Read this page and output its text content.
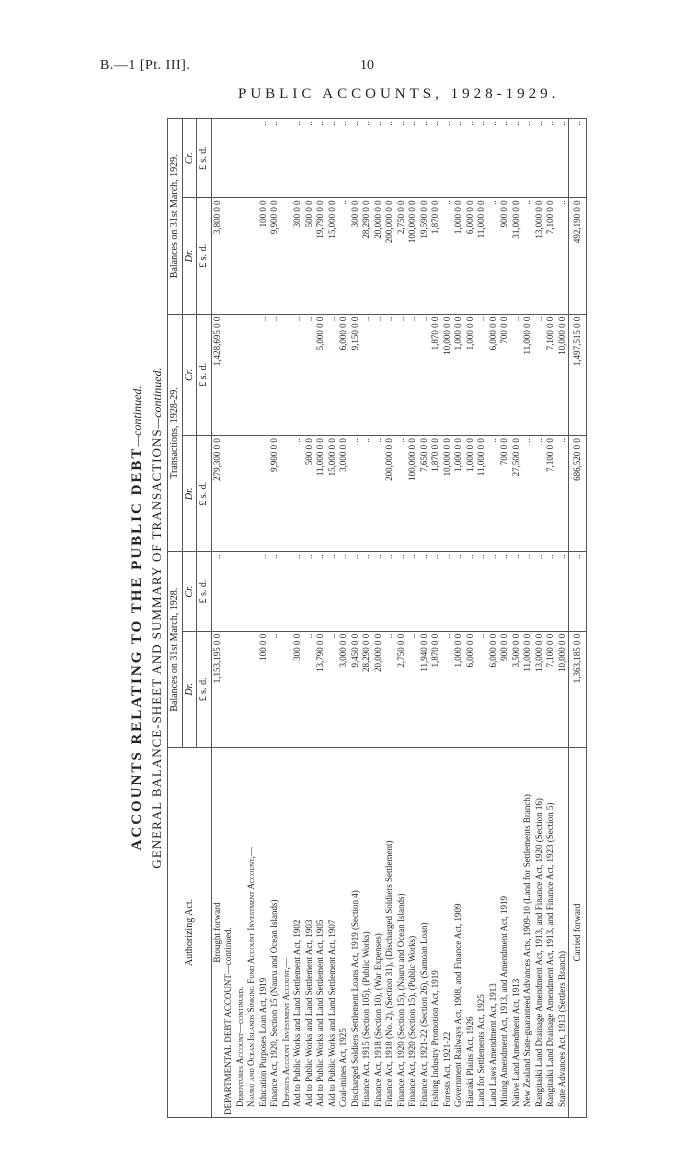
B.—1 [Pt. III].	10
PUBLIC ACCOUNTS, 1928-1929.
ACCOUNTS RELATING TO THE PUBLIC DEBT—continued.
GENERAL BALANCE-SHEET AND SUMMARY OF TRANSACTIONS—continued.
Authorizing Act.	Balances on 31st March, 1928.		Transactions, 1928-29.		Balances on 31st March, 1929.	
	Dr.	Cr.	Dr.	Cr.	Dr.	Cr.
	£ s. d.	£ s. d.	£ s. d.	£ s. d.	£ s. d.	£ s. d.
Brought forward	1,153,195 0 0	..	279,300 0 0	1,428,695 0 0	3,800 0 0	
DEPARTMENTAL DEBT ACCOUNT—continued.						
Debentures Account—continued.						
Nauru and Ocean Islands Sinking Fund Account Investment Account,—						
Education Purposes Loan Act, 1919	100 0 0	..		..	100 0 0	..
Finance Act, 1920, Section 15 (Nauru and Ocean Islands)	..	..	9,900 0 0	..	9,900 0 0	..
Deposits Account Investment Account,—						
Aid to Public Works and Land Settlement Act, 1902	300 0 0	..	..	..	300 0 0	..
Aid to Public Works and Land Settlement Act, 1903	..	..	500 0 0	..	500 0 0	..
Aid to Public Works and Land Settlement Act, 1905	13,790 0 0	..	11,000 0 0	5,000 0 0	19,790 0 0	..
Aid to Public Works and Land Settlement Act, 1907	..	..	15,000 0 0	..	15,000 0 0	..
Coal-mines Act, 1925	3,000 0 0	..	3,000 0 0	6,000 0 0	..	..
Discharged Soldiers Settlement Loans Act, 1919 (Section 4)	9,450 0 0	..	..	9,150 0 0	300 0 0	..
Finance Act, 1915 (Section 105), (Public Works)	28,290 0 0	..	..	..	28,290 0 0	..
Finance Act, 1918 (Section 10), (War Expenses)	20,000 0 0	..	..	..	20,000 0 0	..
Finance Act, 1918 (No. 2), (Section 31), (Discharged Soldiers Settlement)	..	..	200,000 0 0	..	200,000 0 0	..
Finance Act, 1920 (Section 15), (Nauru and Ocean Islands)	2,750 0 0	..	..	..	2,750 0 0	..
Finance Act, 1920 (Section 15), (Public Works)	..	..	100,000 0 0	..	100,000 0 0	..
Finance Act, 1921-22 (Section 26), (Samoan Loan)	11,940 0 0	..	7,650 0 0	..	19,590 0 0	..
Fishing Industry Promotion Act, 1919	1,870 0 0	..	1,870 0 0	1,870 0 0	1,870 0 0	..
Forests Act, 1921-22	..	..	10,000 0 0	10,000 0 0	..	..
Government Railways Act, 1908, and Finance Act, 1909	1,000 0 0	..	1,000 0 0	1,000 0 0	1,000 0 0	..
Hauraki Plains Act, 1926	6,000 0 0	..	1,000 0 0	1,000 0 0	6,000 0 0	..
Land for Settlements Act, 1925	..	..	11,000 0 0	..	11,000 0 0	..
Land Laws Amendment Act, 1913	6,000 0 0	..	..	6,000 0 0	..	..
Mining Amendment Act, 1913, and Amendment Act, 1919	900 0 0	..	700 0 0	700 0 0	900 0 0	..
Native Land Amendment Act, 1913	3,500 0 0	..	27,500 0 0	..	31,000 0 0	..
New Zealand State-guaranteed Advances Acts, 1909-10 (Land for Settlements Branch)	11,000 0 0	..	..	11,000 0 0	..	..
Rangitaiki Land Drainage Amendment Act, 1913, and Finance Act, 1920 (Section 16)	13,000 0 0	..	..	..	13,000 0 0	..
Rangitaiki Land Drainage Amendment Act, 1913, and Finance Act, 1923 (Section 5)	7,100 0 0	..	7,100 0 0	7,100 0 0	7,100 0 0	..
State Advances Act, 1913 (Settlers Branch)	10,000 0 0	..	..	10,000 0 0	..	..
Carried forward	1,363,185 0 0	..	686,520 0 0	1,497,515 0 0	492,190 0 0	..
